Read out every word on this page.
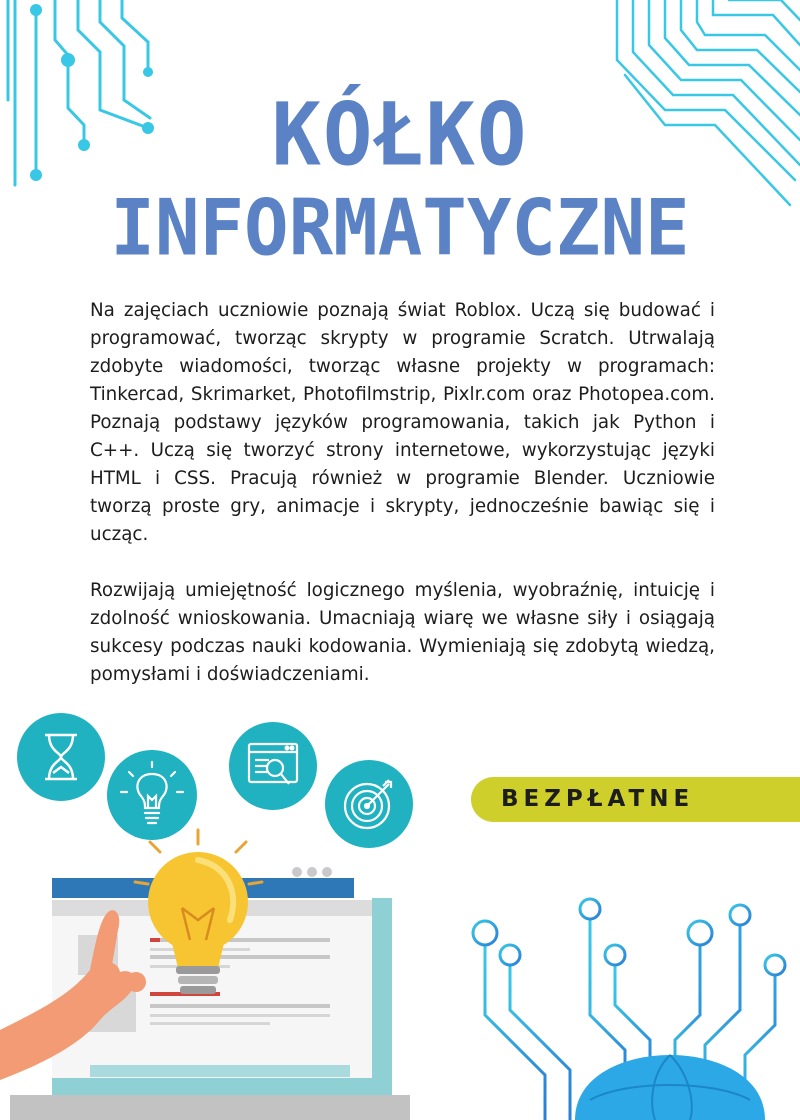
KÓŁKO
INFORMATYCZNE

Na zajęciach uczniowie poznają świat Roblox. Uczą się budować i programować, tworząc skrypty w programie Scratch. Utrwalają zdobyte wiadomości, tworząc własne projekty w programach: Tinkercad, Skrimarket, Photofilmstrip, Pixlr.com oraz Photopea.com. Poznają podstawy języków programowania, takich jak Python i C++. Uczą się tworzyć strony internetowe, wykorzystując języki HTML i CSS. Pracują również w programie Blender. Uczniowie tworzą proste gry, animacje i skrypty, jednocześnie bawiąc się i ucząc.

Rozwijają umiejętność logicznego myślenia, wyobraźnię, intuicję i zdolność wnioskowania. Umacniają wiarę we własne siły i osiągają sukcesy podczas nauki kodowania. Wymieniają się zdobytą wiedzą, pomysłami i doświadczeniami.

BEZPŁATNE
